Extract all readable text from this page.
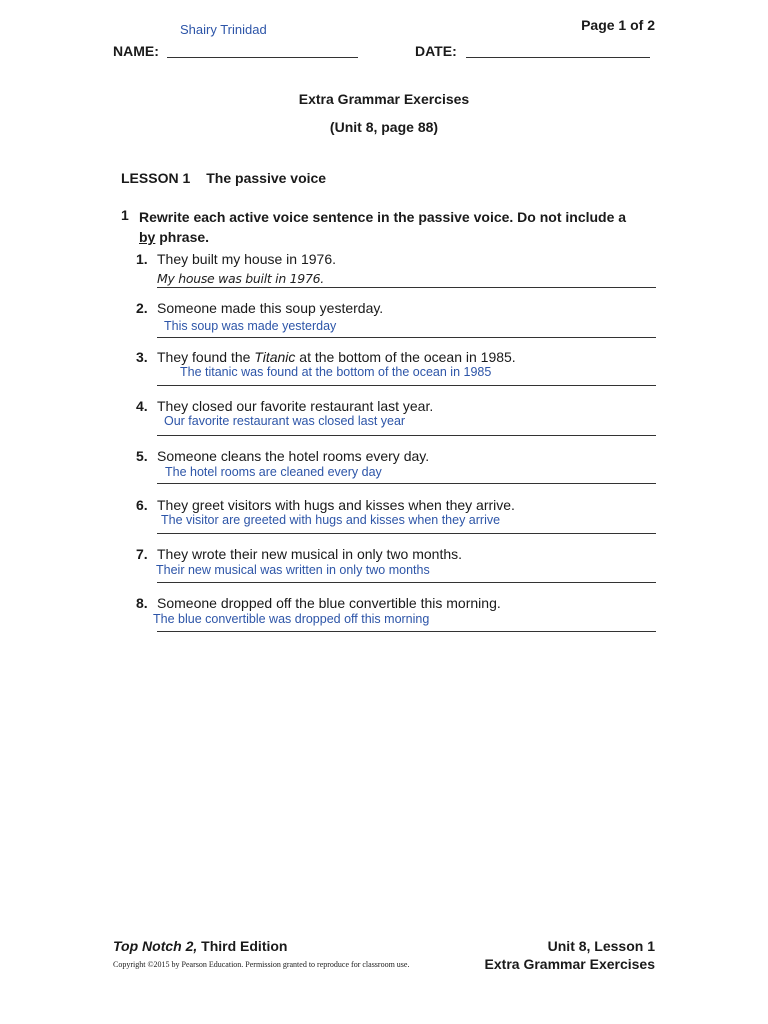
Shairy Trinidad	Page 1 of 2
NAME:	DATE:
Extra Grammar Exercises
(Unit 8, page 88)
LESSON 1 The passive voice
1 Rewrite each active voice sentence in the passive voice. Do not include a
by phrase.
1. They built my house in 1976.
My house was built in 1976.
2. Someone made this soup yesterday.
This soup was made yesterday
3. They found the Titanic at the bottom of the ocean in 1985.
The titanic was found at the bottom of the ocean in 1985
4. They closed our favorite restaurant last year.
Our favorite restaurant was closed last year
5. Someone cleans the hotel rooms every day.
The hotel rooms are cleaned every day
6. They greet visitors with hugs and kisses when they arrive.
The visitor are greeted with hugs and kisses when they arrive
7. They wrote their new musical in only two months.
Their new musical was written in only two months
8. Someone dropped off the blue convertible this morning.
The blue convertible was dropped off this morning
Top Notch 2, Third Edition
Copyright ©2015 by Pearson Education. Permission granted to reproduce for classroom use.
Unit 8, Lesson 1
Extra Grammar Exercises
